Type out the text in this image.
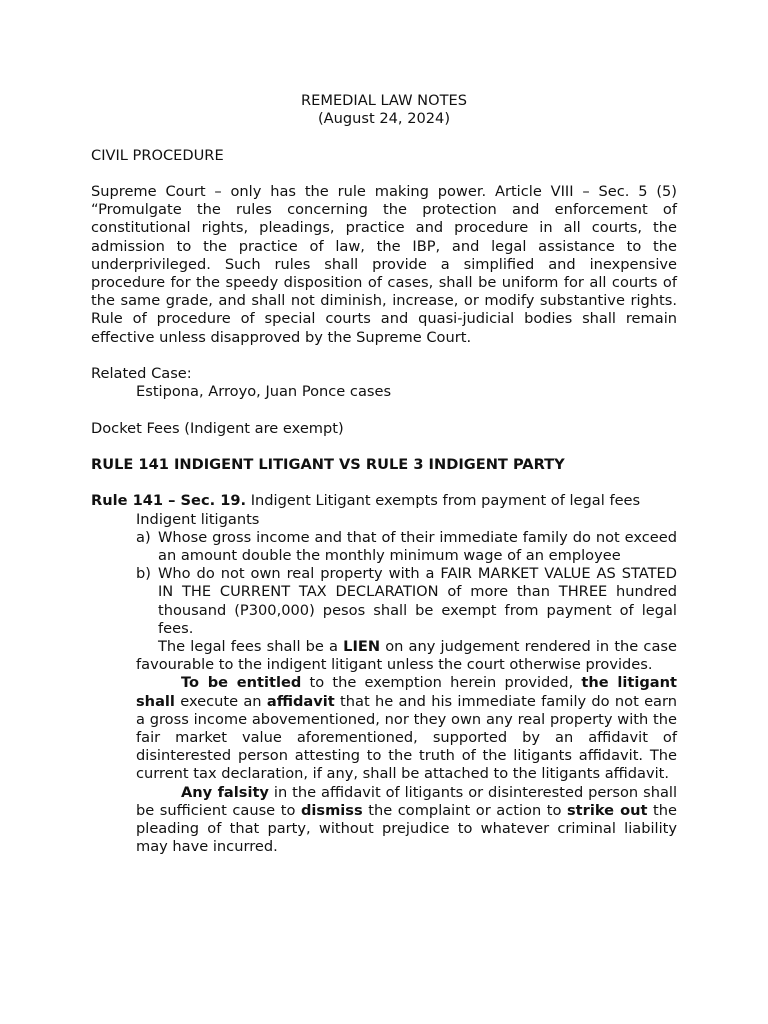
REMEDIAL LAW NOTES
(August 24, 2024)
CIVIL PROCEDURE
Supreme Court – only has the rule making power. Article VIII – Sec. 5 (5) “Promulgate the rules concerning the protection and enforcement of constitutional rights, pleadings, practice and procedure in all courts, the admission to the practice of law, the IBP, and legal assistance to the underprivileged. Such rules shall provide a simplified and inexpensive procedure for the speedy disposition of cases, shall be uniform for all courts of the same grade, and shall not diminish, increase, or modify substantive rights. Rule of procedure of special courts and quasi-judicial bodies shall remain effective unless disapproved by the Supreme Court.
Related Case:
Estipona, Arroyo, Juan Ponce cases
Docket Fees (Indigent are exempt)
RULE 141 INDIGENT LITIGANT VS RULE 3 INDIGENT PARTY
Rule 141 – Sec. 19. Indigent Litigant exempts from payment of legal fees
Indigent litigants
a) Whose gross income and that of their immediate family do not exceed an amount double the monthly minimum wage of an employee
b) Who do not own real property with a FAIR MARKET VALUE AS STATED IN THE CURRENT TAX DECLARATION of more than THREE hundred thousand (P300,000) pesos shall be exempt from payment of legal fees.
The legal fees shall be a LIEN on any judgement rendered in the case favourable to the indigent litigant unless the court otherwise provides.
To be entitled to the exemption herein provided, the litigant shall execute an affidavit that he and his immediate family do not earn a gross income abovementioned, nor they own any real property with the fair market value aforementioned, supported by an affidavit of disinterested person attesting to the truth of the litigants affidavit. The current tax declaration, if any, shall be attached to the litigants affidavit.
Any falsity in the affidavit of litigants or disinterested person shall be sufficient cause to dismiss the complaint or action to strike out the pleading of that party, without prejudice to whatever criminal liability may have incurred.
